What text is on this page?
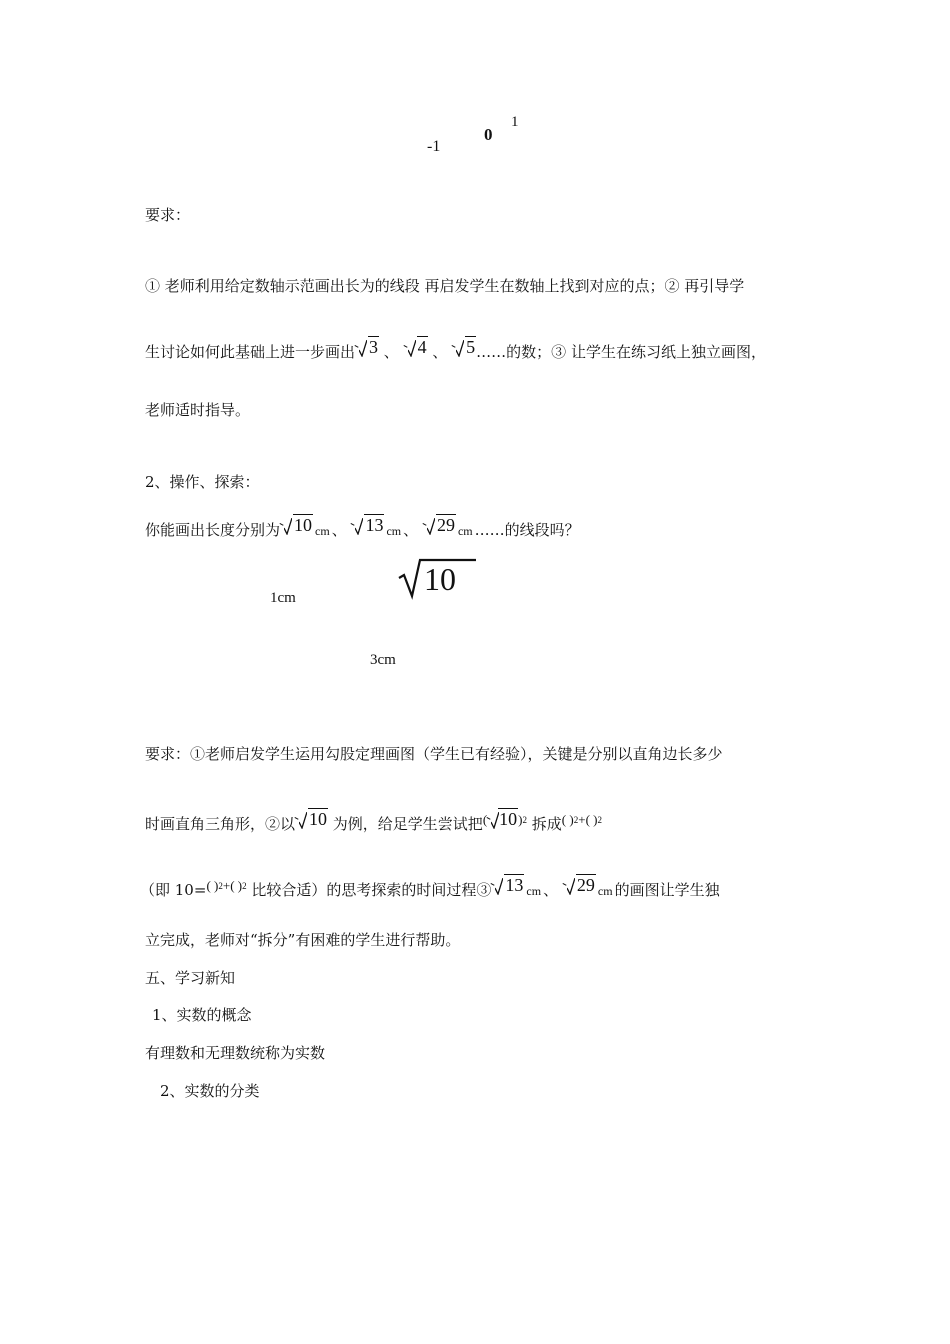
-1
0
1
要求：
① 老师利用给定数轴示范画出长为的线段 再启发学生在数轴上找到对应的点；② 再引导学
生讨论如何此基础上进一步画出 3 、 4 、 5……的数；③ 让学生在练习纸上独立画图，
老师适时指导。
2、操作、探索：
你能画出长度分别为 10 cm 、 13 cm 、 29 cm ……的线段吗？
1cm
10
3cm
要求：①老师启发学生运用勾股定理画图（学生已有经验），关键是分别以直角边长多少
时画直角三角形，②以 10 为例，给足学生尝试把( 10)$^2$ 拆成( )$^2$+( )$^2$
（即 10=( )$^2$+( )$^2$ 比较合适）的思考探索的时间过程③ 13 cm 、 29 cm 的画图让学生独
立完成，老师对“拆分”有困难的学生进行帮助。
五、学习新知
1、实数的概念
有理数和无理数统称为实数
2、实数的分类
